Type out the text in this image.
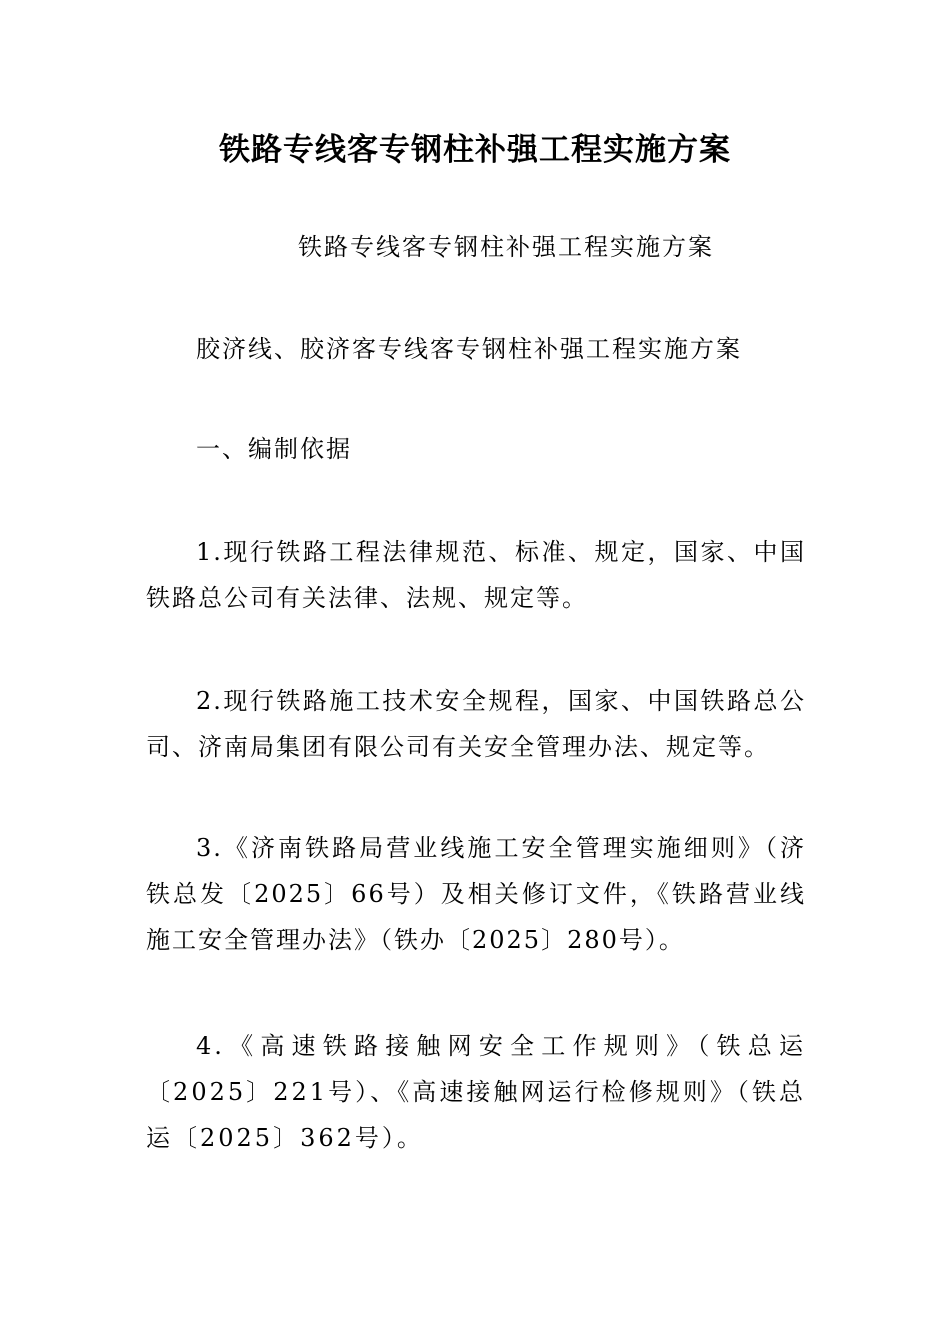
铁路专线客专钢柱补强工程实施方案
铁路专线客专钢柱补强工程实施方案
胶济线、胶济客专线客专钢柱补强工程实施方案
一、编制依据
1.现行铁路工程法律规范、标准、规定，国家、中国铁路总公司有关法律、法规、规定等。
2.现行铁路施工技术安全规程，国家、中国铁路总公司、济南局集团有限公司有关安全管理办法、规定等。
3.《济南铁路局营业线施工安全管理实施细则》（济铁总发〔2025〕66号）及相关修订文件，《铁路营业线施工安全管理办法》（铁办〔2025〕280号）。
4.《高速铁路接触网安全工作规则》（铁总运〔2025〕221号）、《高速接触网运行检修规则》（铁总运〔2025〕362号）。
